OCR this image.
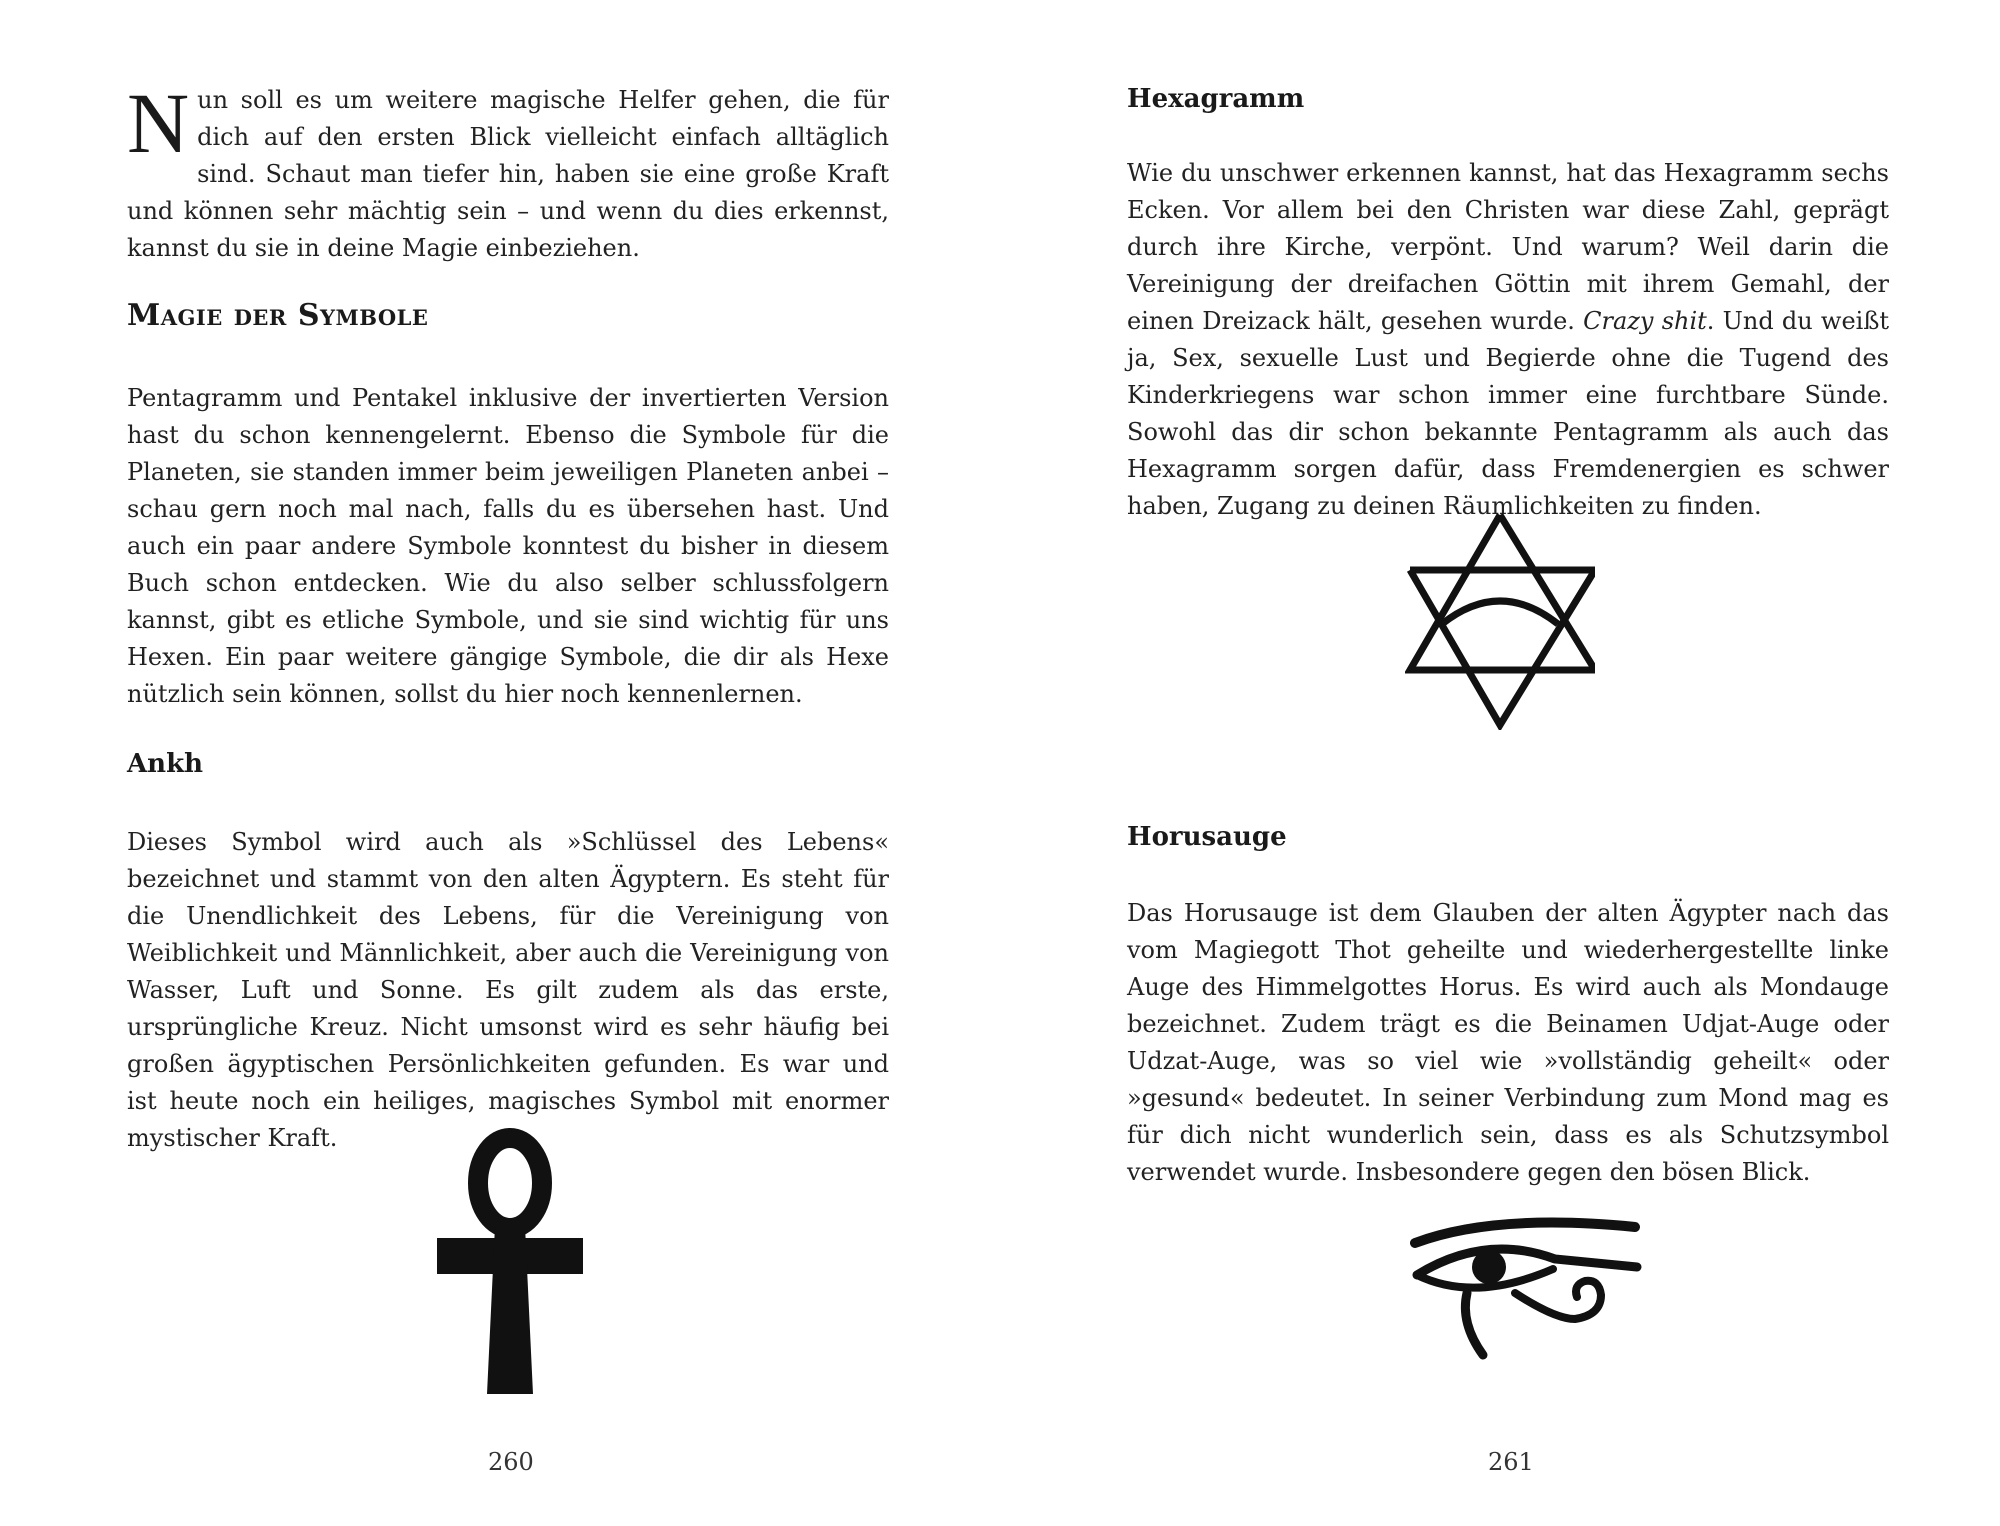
Nun soll es um weitere magische Helfer gehen, die für dich auf den ersten Blick vielleicht einfach alltäglich sind. Schaut man tiefer hin, haben sie eine große Kraft und können sehr mächtig sein – und wenn du dies erkennst, kannst du sie in deine Magie einbeziehen.

Magie der Symbole

Pentagramm und Pentakel inklusive der invertierten Version hast du schon kennengelernt. Ebenso die Symbole für die Planeten, sie standen immer beim jeweiligen Planeten anbei – schau gern noch mal nach, falls du es übersehen hast. Und auch ein paar andere Symbole konntest du bisher in diesem Buch schon entdecken. Wie du also selber schlussfolgern kannst, gibt es etliche Symbole, und sie sind wichtig für uns Hexen. Ein paar weitere gängige Symbole, die dir als Hexe nützlich sein können, sollst du hier noch kennenlernen.

Ankh

Dieses Symbol wird auch als »Schlüssel des Lebens« bezeichnet und stammt von den alten Ägyptern. Es steht für die Unendlichkeit des Lebens, für die Vereinigung von Weiblichkeit und Männlichkeit, aber auch die Vereinigung von Wasser, Luft und Sonne. Es gilt zudem als das erste, ursprüngliche Kreuz. Nicht umsonst wird es sehr häufig bei großen ägyptischen Persönlichkeiten gefunden. Es war und ist heute noch ein heiliges, magisches Symbol mit enormer mystischer Kraft.

260
Hexagramm

Wie du unschwer erkennen kannst, hat das Hexagramm sechs Ecken. Vor allem bei den Christen war diese Zahl, geprägt durch ihre Kirche, verpönt. Und warum? Weil darin die Vereinigung der dreifachen Göttin mit ihrem Gemahl, der einen Dreizack hält, gesehen wurde. Crazy shit. Und du weißt ja, Sex, sexuelle Lust und Begierde ohne die Tugend des Kinderkriegens war schon immer eine furchtbare Sünde. Sowohl das dir schon bekannte Pentagramm als auch das Hexagramm sorgen dafür, dass Fremdenergien es schwer haben, Zugang zu deinen Räumlichkeiten zu finden.

Horusauge

Das Horusauge ist dem Glauben der alten Ägypter nach das vom Magiegott Thot geheilte und wiederhergestellte linke Auge des Himmelgottes Horus. Es wird auch als Mondauge bezeichnet. Zudem trägt es die Beinamen Udjat-Auge oder Udzat-Auge, was so viel wie »vollständig geheilt« oder »gesund« bedeutet. In seiner Verbindung zum Mond mag es für dich nicht wunderlich sein, dass es als Schutzsymbol verwendet wurde. Insbesondere gegen den bösen Blick.

261
